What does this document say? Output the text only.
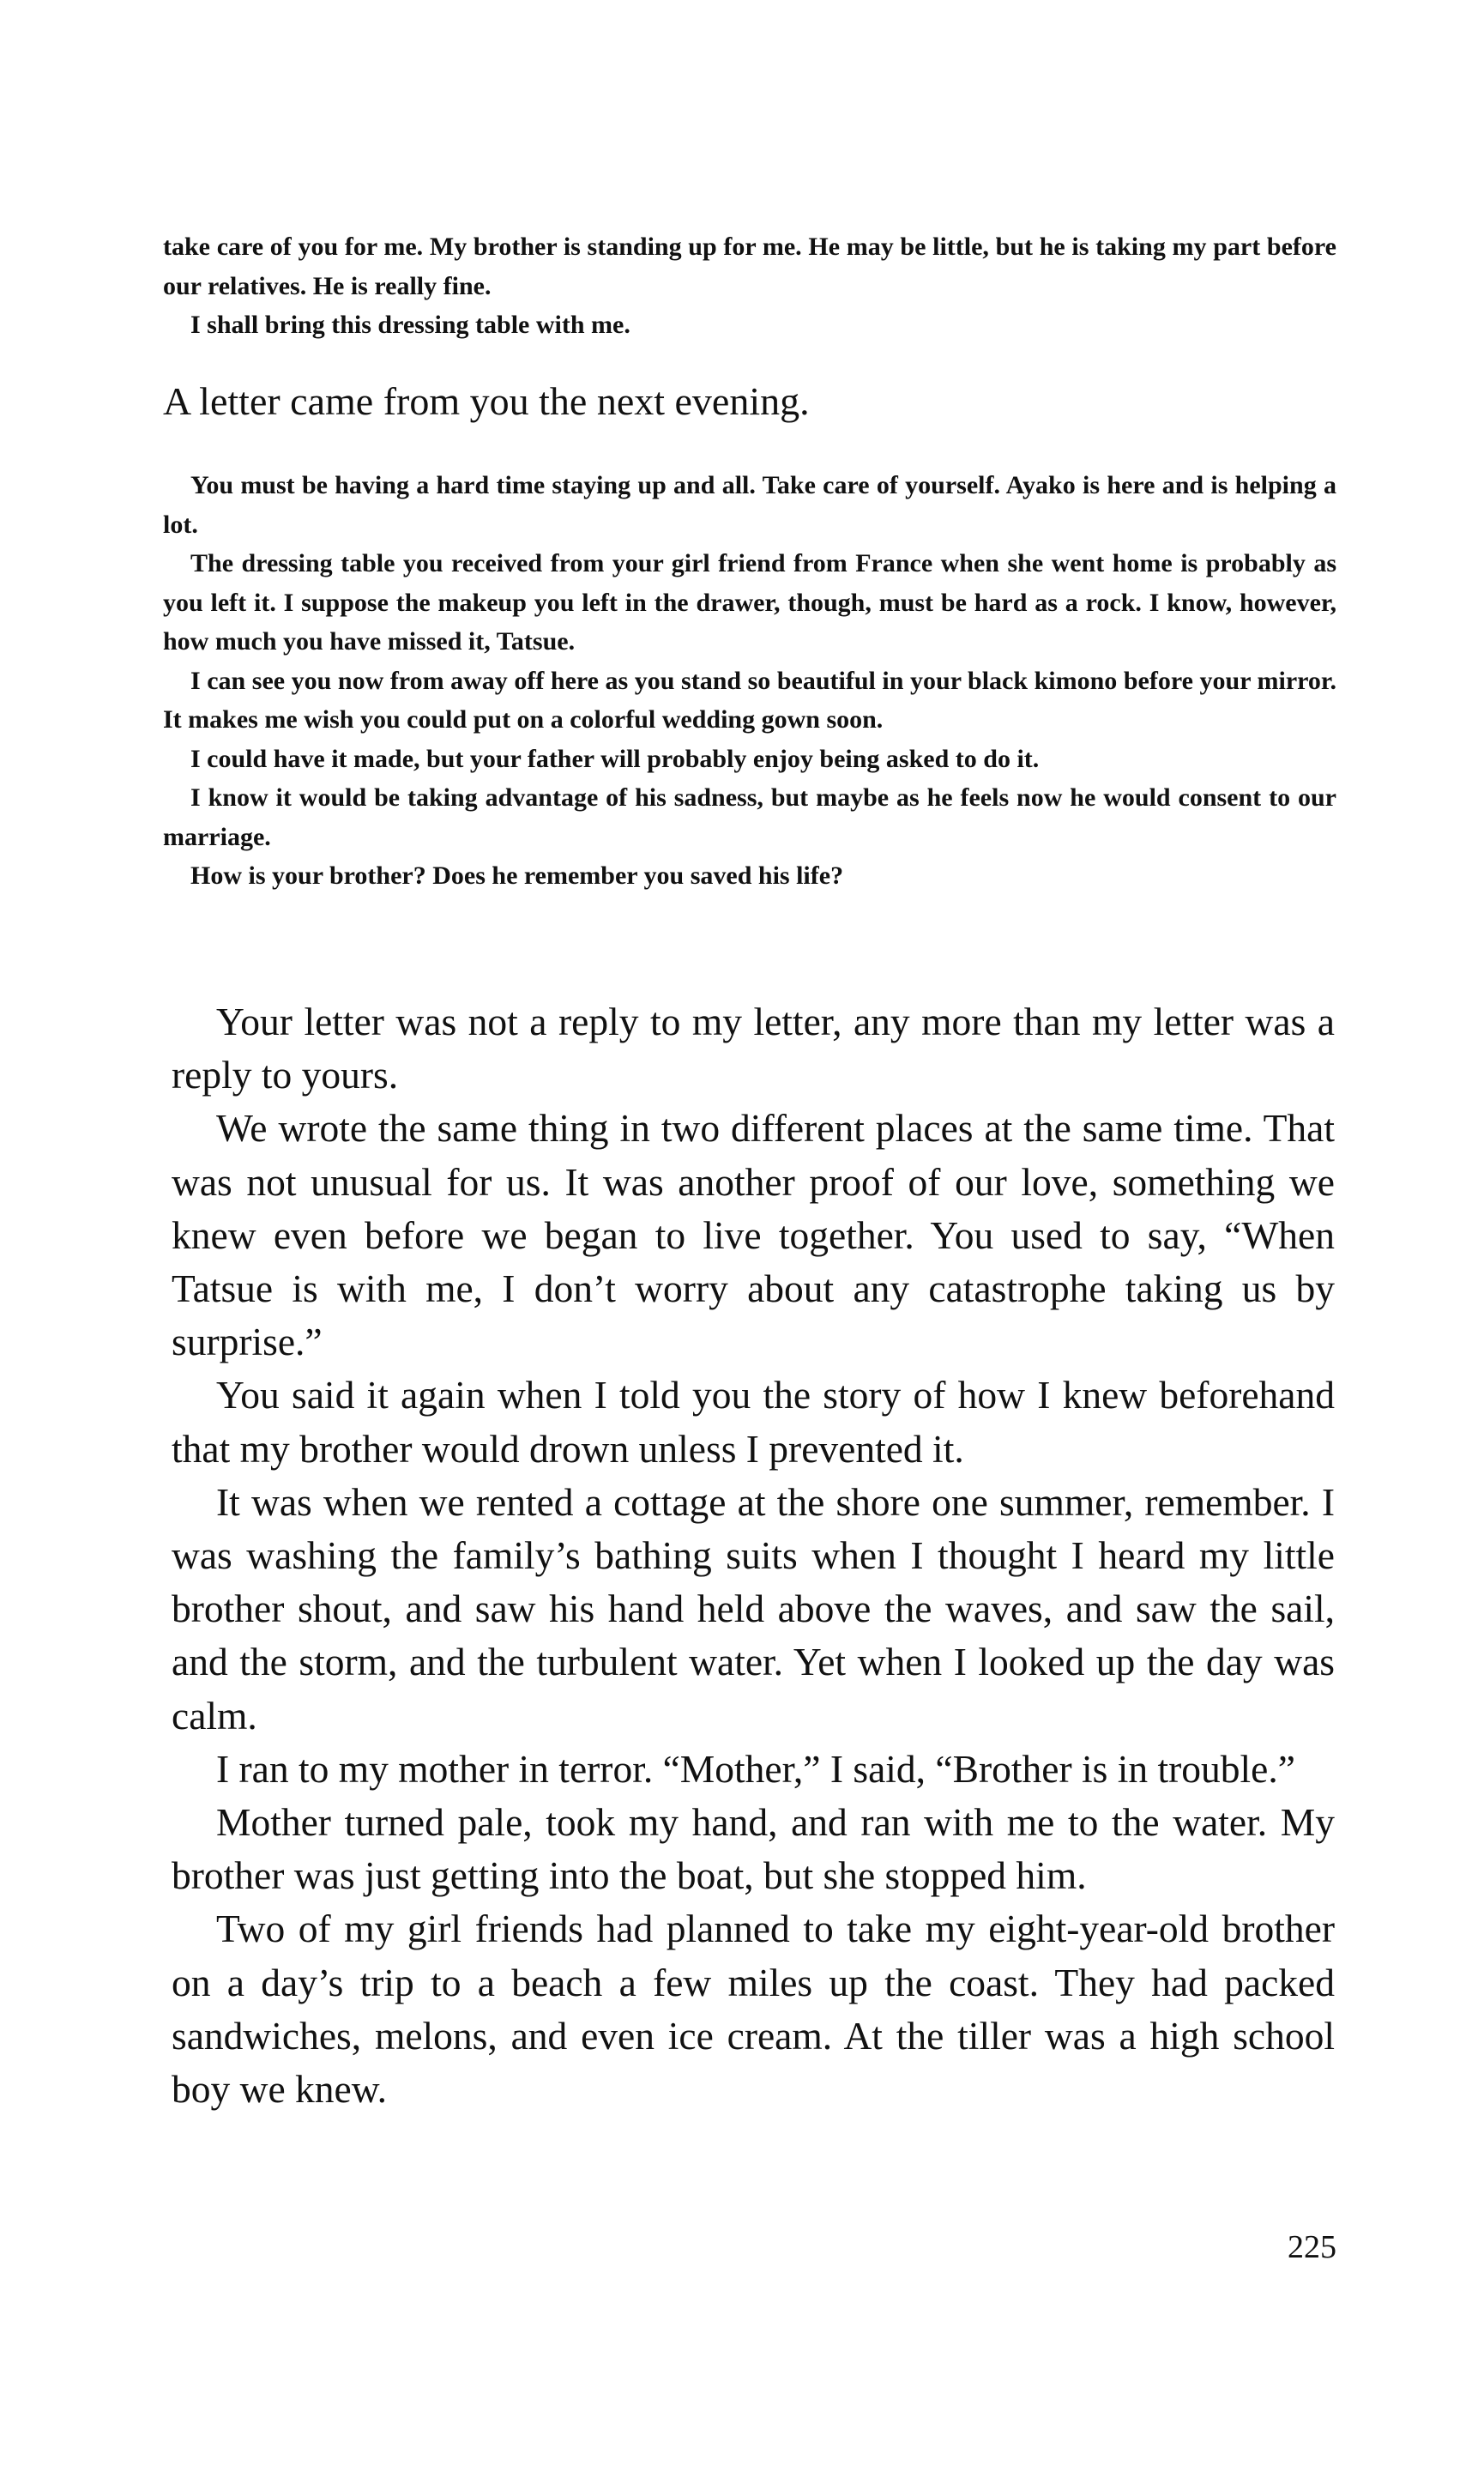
take care of you for me. My brother is standing up for me. He may be little, but he is taking my part before our relatives. He is really fine.

I shall bring this dressing table with me.

A letter came from you the next evening.

You must be having a hard time staying up and all. Take care of yourself. Ayako is here and is helping a lot.

The dressing table you received from your girl friend from France when she went home is probably as you left it. I suppose the makeup you left in the drawer, though, must be hard as a rock. I know, however, how much you have missed it, Tatsue.

I can see you now from away off here as you stand so beautiful in your black kimono before your mirror. It makes me wish you could put on a colorful wedding gown soon.

I could have it made, but your father will probably enjoy being asked to do it.

I know it would be taking advantage of his sadness, but maybe as he feels now he would consent to our marriage.

How is your brother? Does he remember you saved his life?

Your letter was not a reply to my letter, any more than my letter was a reply to yours.

We wrote the same thing in two different places at the same time. That was not unusual for us. It was another proof of our love, something we knew even before we began to live together. You used to say, “When Tatsue is with me, I don’t worry about any catastrophe taking us by surprise.”

You said it again when I told you the story of how I knew beforehand that my brother would drown unless I prevented it.

It was when we rented a cottage at the shore one summer, remember. I was washing the family’s bathing suits when I thought I heard my little brother shout, and saw his hand held above the waves, and saw the sail, and the storm, and the turbulent water. Yet when I looked up the day was calm.

I ran to my mother in terror. “Mother,” I said, “Brother is in trouble.”

Mother turned pale, took my hand, and ran with me to the water. My brother was just getting into the boat, but she stopped him.

Two of my girl friends had planned to take my eight-year-old brother on a day’s trip to a beach a few miles up the coast. They had packed sandwiches, melons, and even ice cream. At the tiller was a high school boy we knew.

225
